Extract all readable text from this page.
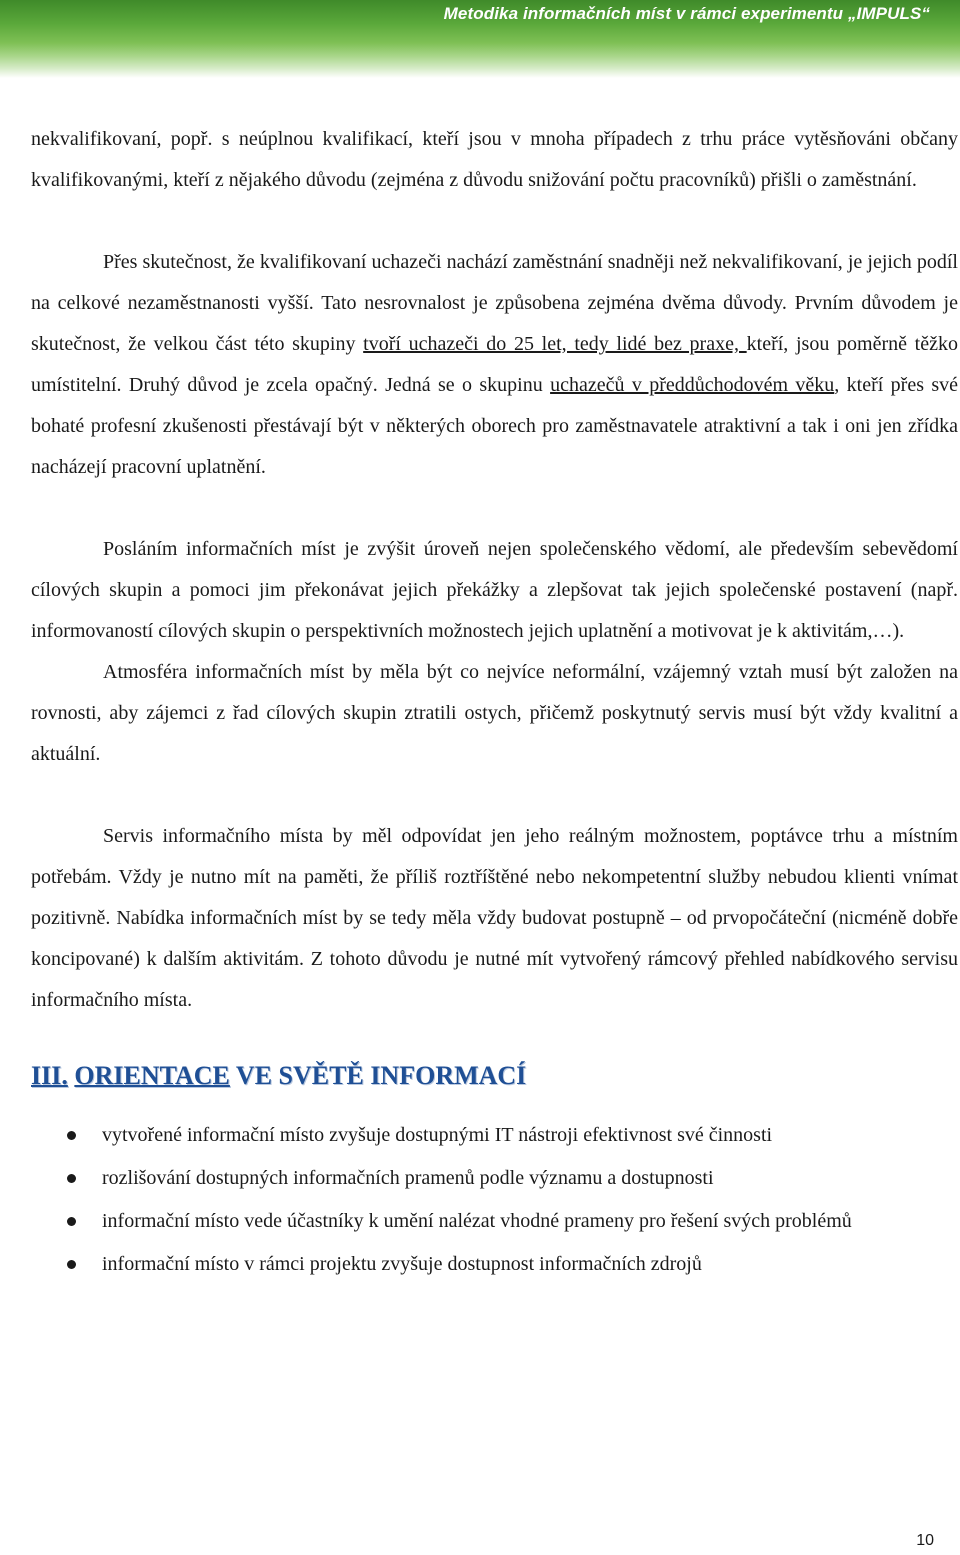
Metodika informačních míst v rámci experimentu „IMPULS“

nekvalifikovaní, popř. s neúplnou kvalifikací, kteří jsou v mnoha případech z trhu práce vytěsňováni občany kvalifikovanými, kteří z nějakého důvodu (zejména z důvodu snižování počtu pracovníků) přišli o zaměstnání.

Přes skutečnost, že kvalifikovaní uchazeči nachází zaměstnání snadněji než nekvalifikovaní, je jejich podíl na celkové nezaměstnanosti vyšší. Tato nesrovnalost je způsobena zejména dvěma důvody. Prvním důvodem je skutečnost, že velkou část této skupiny tvoří uchazeči do 25 let, tedy lidé bez praxe, kteří, jsou poměrně těžko umístitelní. Druhý důvod je zcela opačný. Jedná se o skupinu uchazečů v předdůchodovém věku, kteří přes své bohaté profesní zkušenosti přestávají být v některých oborech pro zaměstnavatele atraktivní a tak i oni jen zřídka nacházejí pracovní uplatnění.

Posláním informačních míst je zvýšit úroveň nejen společenského vědomí, ale především sebevědomí cílových skupin a pomoci jim překonávat jejich překážky a zlepšovat tak jejich společenské postavení (např. informovaností cílových skupin o perspektivních možnostech jejich uplatnění a motivovat je k aktivitám,…).

Atmosféra informačních míst by měla být co nejvíce neformální, vzájemný vztah musí být založen na rovnosti, aby zájemci z řad cílových skupin ztratili ostych, přičemž poskytnutý servis musí být vždy kvalitní a aktuální.

Servis informačního místa by měl odpovídat jen jeho reálným možnostem, poptávce trhu a místním potřebám. Vždy je nutno mít na paměti, že příliš roztříštěné nebo nekompetentní služby nebudou klienti vnímat pozitivně. Nabídka informačních míst by se tedy měla vždy budovat postupně – od prvopočáteční (nicméně dobře koncipované) k dalším aktivitám. Z tohoto důvodu je nutné mít vytvořený rámcový přehled nabídkového servisu informačního místa.

III. ORIENTACE VE SVĚTĚ INFORMACÍ
vytvořené informační místo zvyšuje dostupnými IT nástroji efektivnost své činnosti
rozlišování dostupných informačních pramenů podle významu a dostupnosti
informační místo vede účastníky k umění nalézat vhodné prameny pro řešení svých problémů
informační místo v rámci projektu zvyšuje dostupnost informačních zdrojů
10
